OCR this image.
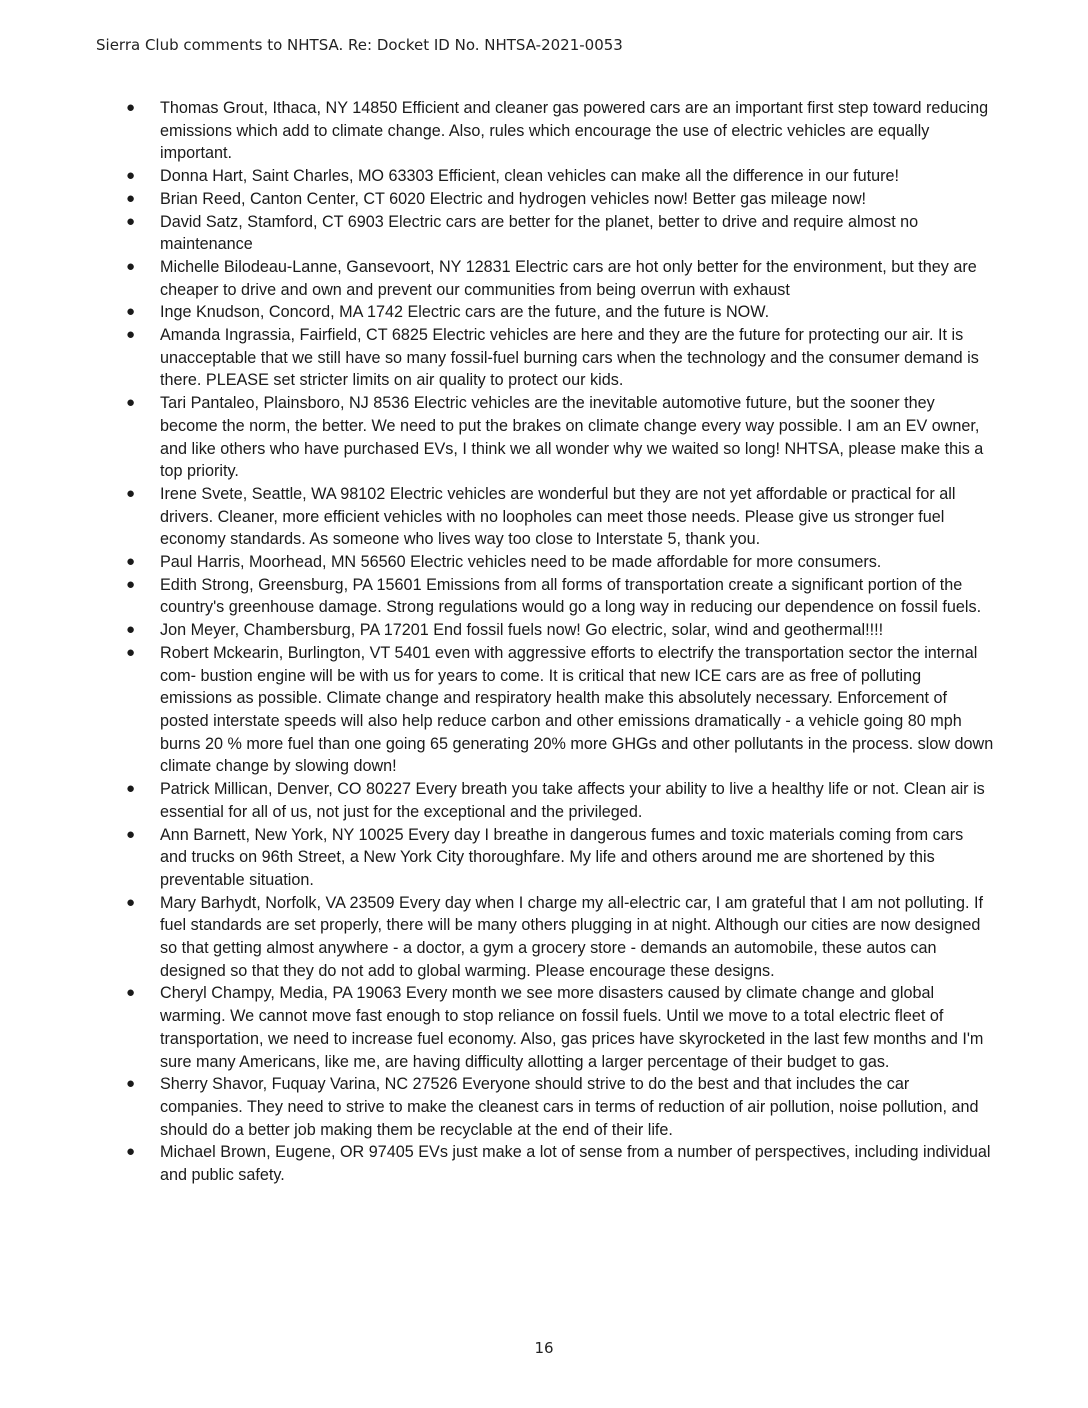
Sierra Club comments to NHTSA. Re: Docket ID No. NHTSA-2021-0053
●	Thomas Grout, Ithaca, NY 14850 Efficient and cleaner gas powered cars are an important first step toward reducing emissions which add to climate change. Also, rules which encourage the use of electric vehicles are equally important.
●	Donna Hart, Saint Charles, MO 63303 Efficient, clean vehicles can make all the difference in our future!
●	Brian Reed, Canton Center, CT 6020 Electric and hydrogen vehicles now! Better gas mileage now!
●	David Satz, Stamford, CT 6903 Electric cars are better for the planet, better to drive and require almost no maintenance
●	Michelle Bilodeau-Lanne, Gansevoort, NY 12831 Electric cars are hot only better for the environment, but they are cheaper to drive and own and prevent our communities from being overrun with exhaust
●	Inge Knudson, Concord, MA 1742 Electric cars are the future, and the future is NOW.
●	Amanda Ingrassia, Fairfield, CT 6825 Electric vehicles are here and they are the future for protecting our air. It is unacceptable that we still have so many fossil-fuel burning cars when the technology and the consumer demand is there. PLEASE set stricter limits on air quality to protect our kids.
●	Tari Pantaleo, Plainsboro, NJ 8536 Electric vehicles are the inevitable automotive future, but the sooner they become the norm, the better. We need to put the brakes on climate change every way possible. I am an EV owner, and like others who have purchased EVs, I think we all wonder why we waited so long! NHTSA, please make this a top priority.
●	Irene Svete, Seattle, WA 98102 Electric vehicles are wonderful but they are not yet affordable or practical for all drivers. Cleaner, more efficient vehicles with no loopholes can meet those needs. Please give us stronger fuel economy standards. As someone who lives way too close to Interstate 5, thank you.
●	Paul Harris, Moorhead, MN 56560 Electric vehicles need to be made affordable for more consumers.
●	Edith Strong, Greensburg, PA 15601 Emissions from all forms of transportation create a significant portion of the country's greenhouse damage. Strong regulations would go a long way in reducing our dependence on fossil fuels.
●	Jon Meyer, Chambersburg, PA 17201 End fossil fuels now! Go electric, solar, wind and geothermal!!!!
●	Robert Mckearin, Burlington, VT 5401 even with aggressive efforts to electrify the transportation sector the internal com- bustion engine will be with us for years to come. It is critical that new ICE cars are as free of polluting emissions as possible. Climate change and respiratory health make this absolutely necessary. Enforcement of posted interstate speeds will also help reduce carbon and other emissions dramatically - a vehicle going 80 mph burns 20 % more fuel than one going 65 generating 20% more GHGs and other pollutants in the process. slow down climate change by slowing down!
●	Patrick Millican, Denver, CO 80227 Every breath you take affects your ability to live a healthy life or not. Clean air is essential for all of us, not just for the exceptional and the privileged.
●	Ann Barnett, New York, NY 10025 Every day I breathe in dangerous fumes and toxic materials coming from cars and trucks on 96th Street, a New York City thoroughfare. My life and others around me are shortened by this preventable situation.
●	Mary Barhydt, Norfolk, VA 23509 Every day when I charge my all-electric car, I am grateful that I am not polluting. If fuel standards are set properly, there will be many others plugging in at night. Although our cities are now designed so that getting almost anywhere - a doctor, a gym a grocery store - demands an automobile, these autos can designed so that they do not add to global warming. Please encourage these designs.
●	Cheryl Champy, Media, PA 19063 Every month we see more disasters caused by climate change and global warming. We cannot move fast enough to stop reliance on fossil fuels. Until we move to a total electric fleet of transportation, we need to increase fuel economy. Also, gas prices have skyrocketed in the last few months and I'm sure many Americans, like me, are having difficulty allotting a larger percentage of their budget to gas.
●	Sherry Shavor, Fuquay Varina, NC 27526 Everyone should strive to do the best and that includes the car companies. They need to strive to make the cleanest cars in terms of reduction of air pollution, noise pollution, and should do a better job making them be recyclable at the end of their life.
●	Michael Brown, Eugene, OR 97405 EVs just make a lot of sense from a number of perspectives, including individual and public safety.
16
